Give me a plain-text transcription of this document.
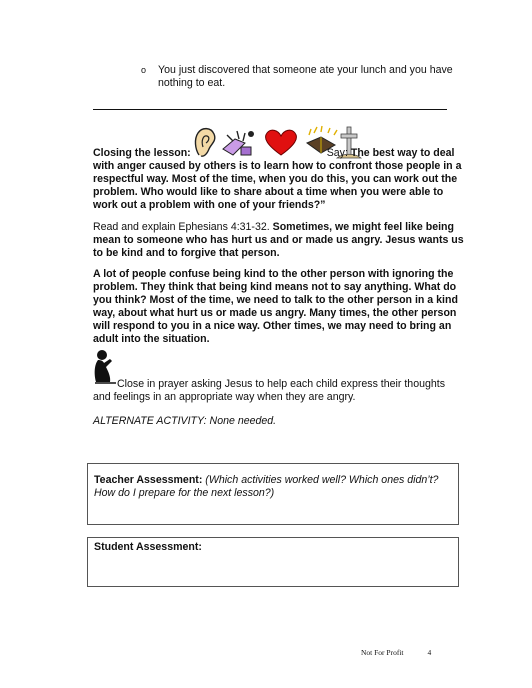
o	You just discovered that someone ate your lunch and you have nothing to eat.
Closing the lesson:	Say: The best way to deal with anger caused by others is to learn how to confront those people in a respectful way. Most of the time, when you do this, you can work out the problem. Who would like to share about a time when you were able to work out a problem with one of your friends?”
Read and explain Ephesians 4:31-32. Sometimes, we might feel like being mean to someone who has hurt us and or made us angry. Jesus wants us to be kind and to forgive that person.
A lot of people confuse being kind to the other person with ignoring the problem. They think that being kind means not to say anything. What do you think? Most of the time, we need to talk to the other person in a kind way, about what hurt us or made us angry. Many times, the other person will respond to you in a nice way. Other times, we may need to bring an adult into the situation.
Close in prayer asking Jesus to help each child express their thoughts and feelings in an appropriate way when they are angry.
ALTERNATE ACTIVITY: None needed.
Teacher Assessment: (Which activities worked well? Which ones didn’t? How do I prepare for the next lesson?)
Student Assessment:
Not For Profit	4
